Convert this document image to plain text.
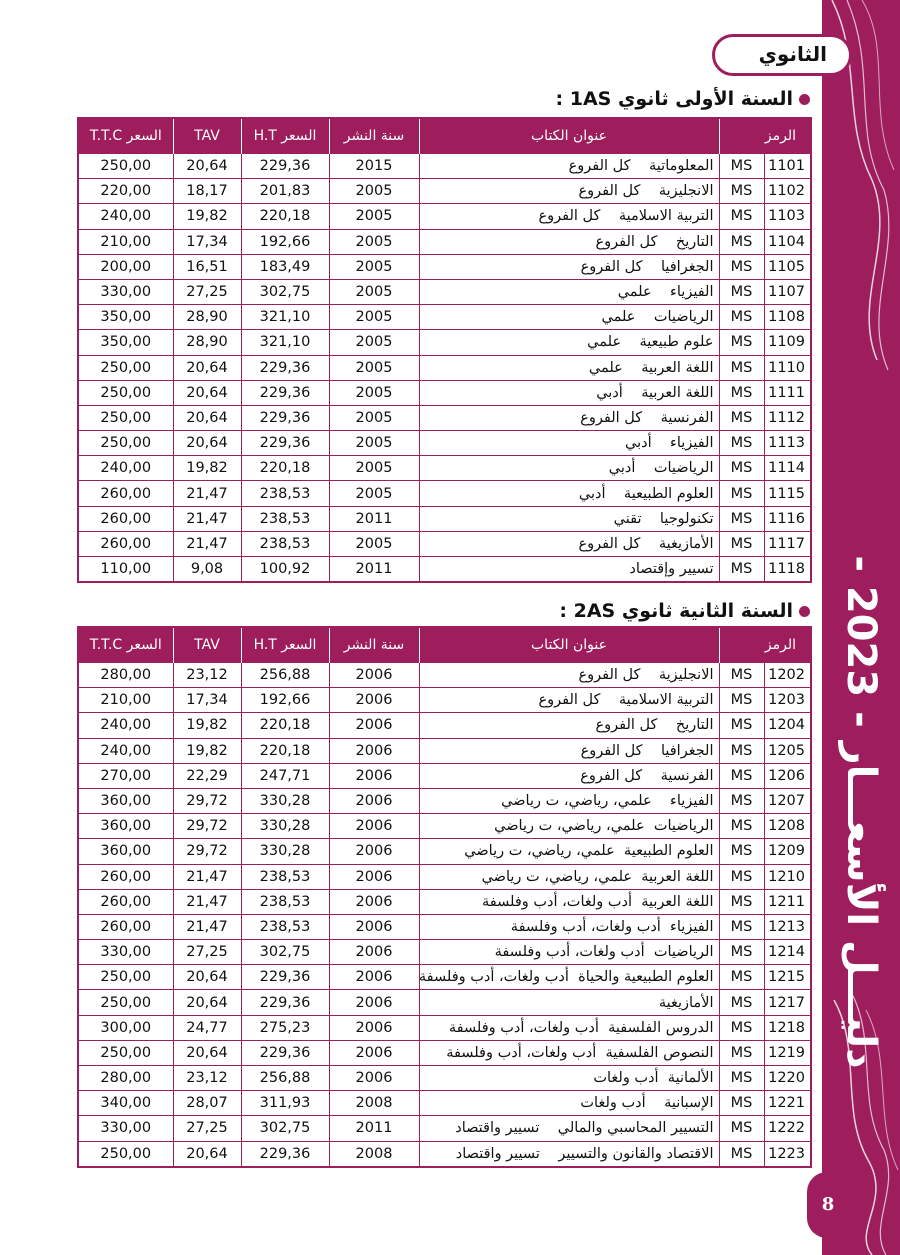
دليـــل الأسعـــار - 2023 -
الثانوي
السنة الأولى ثانوي 1AS :
الرمز		عنوان الكتاب	سنة النشر	السعر H.T	TAV	السعر T.T.C
1101	MS	المعلوماتية    كل الفروع	2015	229,36	20,64	250,00
1102	MS	الانجليزية    كل الفروع	2005	201,83	18,17	220,00
1103	MS	التربية الاسلامية    كل الفروع	2005	220,18	19,82	240,00
1104	MS	التاريخ    كل الفروع	2005	192,66	17,34	210,00
1105	MS	الجغرافيا    كل الفروع	2005	183,49	16,51	200,00
1107	MS	الفيزياء    علمي	2005	302,75	27,25	330,00
1108	MS	الرياضيات    علمي	2005	321,10	28,90	350,00
1109	MS	علوم طبيعية    علمي	2005	321,10	28,90	350,00
1110	MS	اللغة العربية    علمي	2005	229,36	20,64	250,00
1111	MS	اللغة العربية    أدبي	2005	229,36	20,64	250,00
1112	MS	الفرنسية    كل الفروع	2005	229,36	20,64	250,00
1113	MS	الفيزياء    أدبي	2005	229,36	20,64	250,00
1114	MS	الرياضيات    أدبي	2005	220,18	19,82	240,00
1115	MS	العلوم الطبيعية    أدبي	2005	238,53	21,47	260,00
1116	MS	تكنولوجيا    تقني	2011	238,53	21,47	260,00
1117	MS	الأمازيغية    كل الفروع	2005	238,53	21,47	260,00
1118	MS	تسيير وإقتصاد	2011	100,92	9,08	110,00
السنة الثانية ثانوي 2AS :
الرمز		عنوان الكتاب	سنة النشر	السعر H.T	TAV	السعر T.T.C
1202	MS	الانجليزية    كل الفروع	2006	256,88	23,12	280,00
1203	MS	التربية الاسلامية    كل الفروع	2006	192,66	17,34	210,00
1204	MS	التاريخ    كل الفروع	2006	220,18	19,82	240,00
1205	MS	الجغرافيا    كل الفروع	2006	220,18	19,82	240,00
1206	MS	الفرنسية    كل الفروع	2006	247,71	22,29	270,00
1207	MS	الفيزياء    علمي، رياضي، ت رياضي	2006	330,28	29,72	360,00
1208	MS	الرياضيات  علمي، رياضي، ت رياضي	2006	330,28	29,72	360,00
1209	MS	العلوم الطبيعية  علمي، رياضي، ت رياضي	2006	330,28	29,72	360,00
1210	MS	اللغة العربية  علمي، رياضي، ت رياضي	2006	238,53	21,47	260,00
1211	MS	اللغة العربية  أدب ولغات، أدب وفلسفة	2006	238,53	21,47	260,00
1213	MS	الفيزياء  أدب ولغات، أدب وفلسفة	2006	238,53	21,47	260,00
1214	MS	الرياضيات  أدب ولغات، أدب وفلسفة	2006	302,75	27,25	330,00
1215	MS	العلوم الطبيعية والحياة  أدب ولغات، أدب وفلسفة	2006	229,36	20,64	250,00
1217	MS	الأمازيغية	2006	229,36	20,64	250,00
1218	MS	الدروس الفلسفية  أدب ولغات، أدب وفلسفة	2006	275,23	24,77	300,00
1219	MS	النصوص الفلسفية  أدب ولغات، أدب وفلسفة	2006	229,36	20,64	250,00
1220	MS	الألمانية  أدب ولغات	2006	256,88	23,12	280,00
1221	MS	الإسبانية    أدب ولغات	2008	311,93	28,07	340,00
1222	MS	التسيير المحاسبي والمالي    تسيير واقتصاد	2011	302,75	27,25	330,00
1223	MS	الاقتصاد والقانون والتسيير    تسيير واقتصاد	2008	229,36	20,64	250,00
8
